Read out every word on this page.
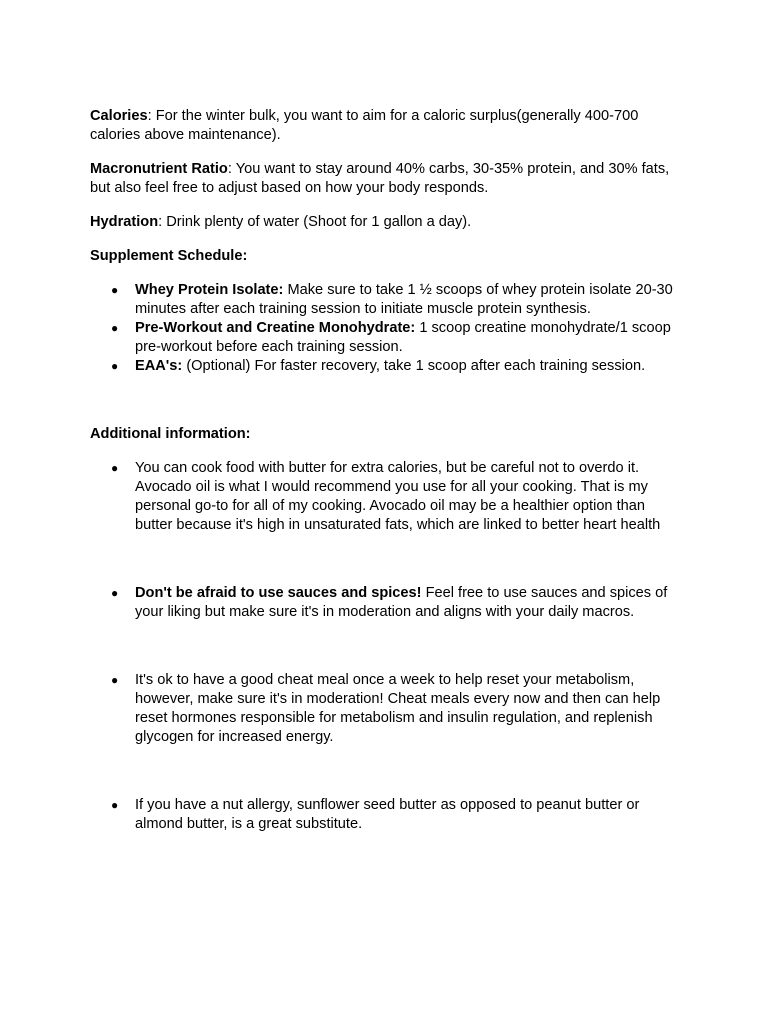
Calories: For the winter bulk, you want to aim for a caloric surplus(generally 400-700 calories above maintenance).

Macronutrient Ratio: You want to stay around 40% carbs, 30-35% protein, and 30% fats, but also feel free to adjust based on how your body responds.

Hydration: Drink plenty of water (Shoot for 1 gallon a day).

Supplement Schedule:

● Whey Protein Isolate: Make sure to take 1 ½ scoops of whey protein isolate 20-30 minutes after each training session to initiate muscle protein synthesis.
● Pre-Workout and Creatine Monohydrate: 1 scoop creatine monohydrate/1 scoop pre-workout before each training session.
● EAA's: (Optional) For faster recovery, take 1 scoop after each training session.

Additional information:

● You can cook food with butter for extra calories, but be careful not to overdo it. Avocado oil is what I would recommend you use for all your cooking. That is my personal go-to for all of my cooking. Avocado oil may be a healthier option than butter because it's high in unsaturated fats, which are linked to better heart health
● Don't be afraid to use sauces and spices! Feel free to use sauces and spices of your liking but make sure it's in moderation and aligns with your daily macros.
● It's ok to have a good cheat meal once a week to help reset your metabolism, however, make sure it's in moderation! Cheat meals every now and then can help reset hormones responsible for metabolism and insulin regulation, and replenish glycogen for increased energy.
● If you have a nut allergy, sunflower seed butter as opposed to peanut butter or almond butter, is a great substitute.
